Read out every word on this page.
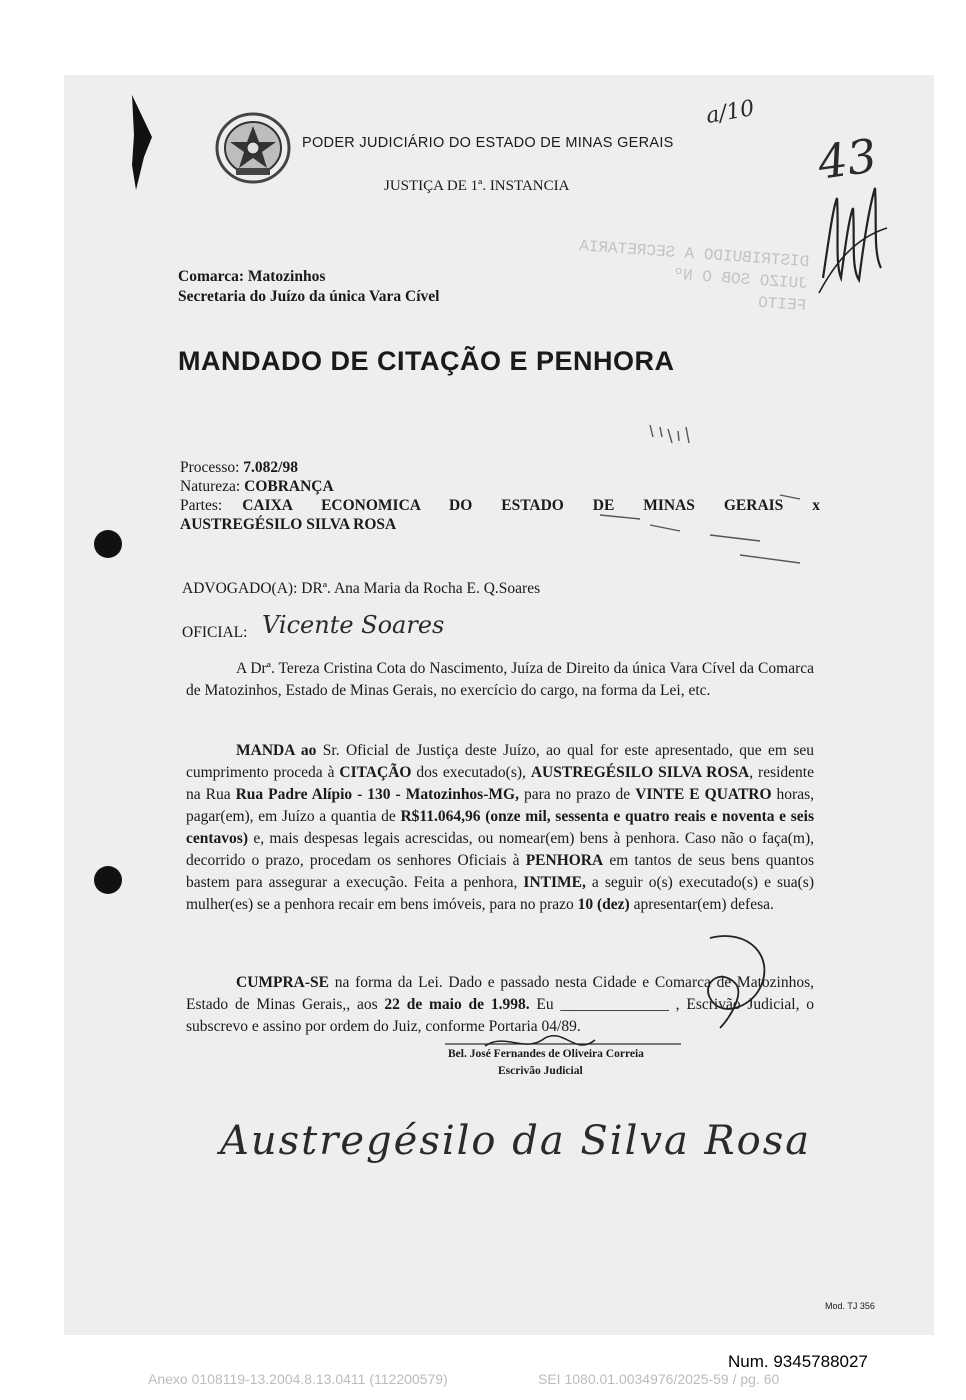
PODER JUDICIÁRIO DO ESTADO DE MINAS GERAIS
JUSTIÇA DE 1ª. INSTANCIA
a/10
43
DISTRIBUIDO A SECRETARIA
JUIZO SOB O Nº
FEITO
Comarca: Matozinhos
Secretaria do Juízo da única Vara Cível
MANDADO DE CITAÇÃO E PENHORA
Processo: 7.082/98
Natureza: COBRANÇA
Partes:	CAIXA ECONOMICA DO ESTADO DE MINAS GERAIS x
AUSTREGÉSILO SILVA ROSA
ADVOGADO(A): DRª. Ana Maria da Rocha E. Q.Soares
OFICIAL: Vicente Soares
A Drª. Tereza Cristina Cota do Nascimento, Juíza de Direito da única Vara Cível da Comarca de Matozinhos, Estado de Minas Gerais, no exercício do cargo, na forma da Lei, etc.
MANDA ao Sr. Oficial de Justiça deste Juízo, ao qual for este apresentado, que em seu cumprimento proceda à CITAÇÃO dos executado(s), AUSTREGÉSILO SILVA ROSA, residente na Rua Rua Padre Alípio - 130 - Matozinhos-MG, para no prazo de VINTE E QUATRO horas, pagar(em), em Juízo a quantia de R$11.064,96 (onze mil, sessenta e quatro reais e noventa e seis centavos) e, mais despesas legais acrescidas, ou nomear(em) bens à penhora. Caso não o faça(m), decorrido o prazo, procedam os senhores Oficiais à PENHORA em tantos de seus bens quantos bastem para assegurar a execução. Feita a penhora, INTIME, a seguir o(s) executado(s) e sua(s) mulher(es) se a penhora recair em bens imóveis, para no prazo 10 (dez) apresentar(em) defesa.
CUMPRA-SE na forma da Lei. Dado e passado nesta Cidade e Comarca de Matozinhos, Estado de Minas Gerais,, aos 22 de maio de 1.998. Eu ______________ , Escrivão Judicial, o subscrevo e assino por ordem do Juiz, conforme Portaria 04/89.
Bel. José Fernandes de Oliveira Correia
Escrivão Judicial
Austregésilo da Silva Rosa
Mod. TJ 356
Num. 9345788027
Anexo 0108119-13.2004.8.13.0411 (112200579)	SEI 1080.01.0034976/2025-59 / pg. 60
